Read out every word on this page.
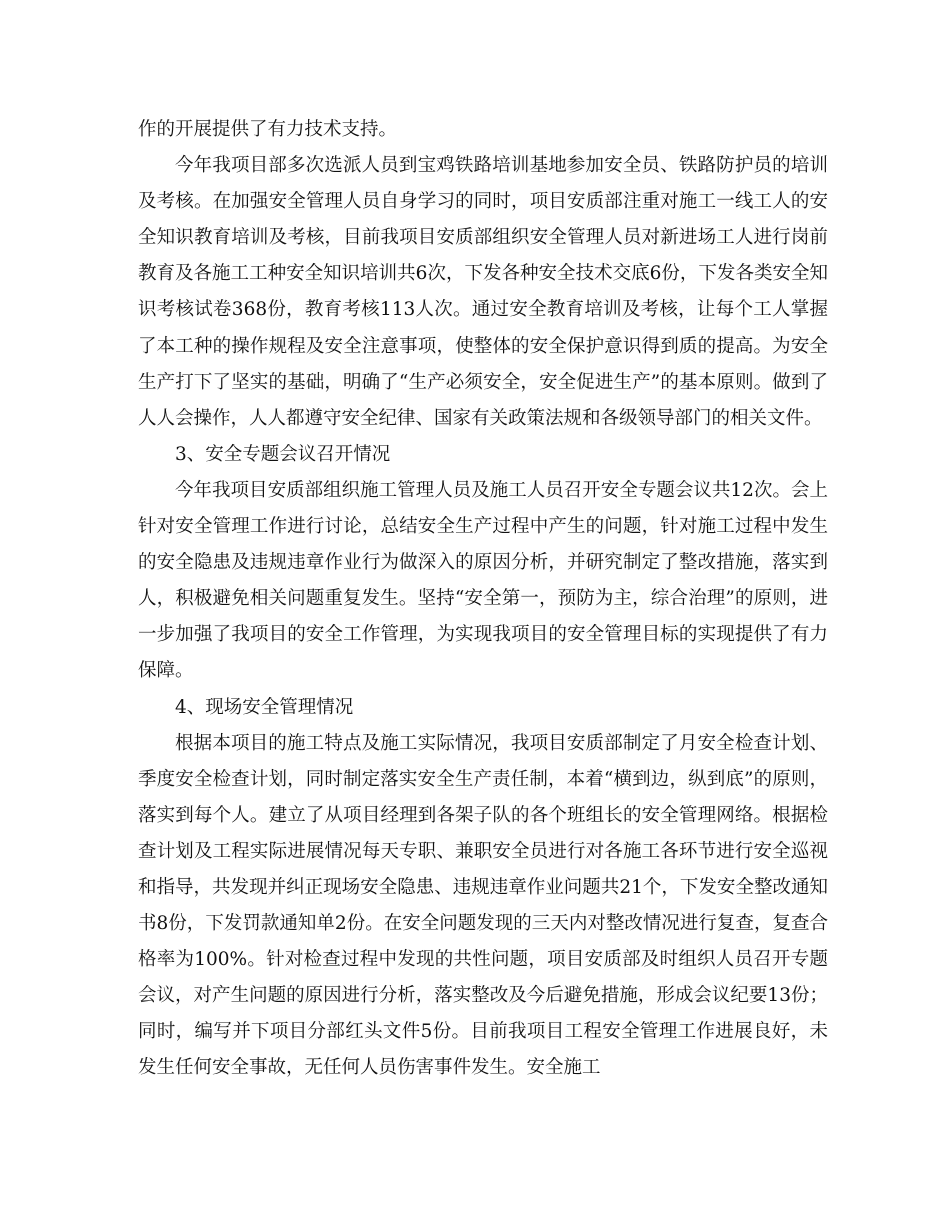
作的开展提供了有力技术支持。

今年我项目部多次选派人员到宝鸡铁路培训基地参加安全员、铁路防护员的培训及考核。在加强安全管理人员自身学习的同时，项目安质部注重对施工一线工人的安全知识教育培训及考核，目前我项目安质部组织安全管理人员对新进场工人进行岗前教育及各施工工种安全知识培训共6次，下发各种安全技术交底6份，下发各类安全知识考核试卷368份，教育考核113人次。通过安全教育培训及考核，让每个工人掌握了本工种的操作规程及安全注意事项，使整体的安全保护意识得到质的提高。为安全生产打下了坚实的基础，明确了“生产必须安全，安全促进生产”的基本原则。做到了人人会操作，人人都遵守安全纪律、国家有关政策法规和各级领导部门的相关文件。

3、安全专题会议召开情况

今年我项目安质部组织施工管理人员及施工人员召开安全专题会议共12次。会上针对安全管理工作进行讨论，总结安全生产过程中产生的问题，针对施工过程中发生的安全隐患及违规违章作业行为做深入的原因分析，并研究制定了整改措施，落实到人，积极避免相关问题重复发生。坚持“安全第一，预防为主，综合治理”的原则，进一步加强了我项目的安全工作管理，为实现我项目的安全管理目标的实现提供了有力保障。

4、现场安全管理情况

根据本项目的施工特点及施工实际情况，我项目安质部制定了月安全检查计划、季度安全检查计划，同时制定落实安全生产责任制，本着“横到边，纵到底”的原则，落实到每个人。建立了从项目经理到各架子队的各个班组长的安全管理网络。根据检查计划及工程实际进展情况每天专职、兼职安全员进行对各施工各环节进行安全巡视和指导，共发现并纠正现场安全隐患、违规违章作业问题共21个，下发安全整改通知书8份，下发罚款通知单2份。在安全问题发现的三天内对整改情况进行复查，复查合格率为100%。针对检查过程中发现的共性问题，项目安质部及时组织人员召开专题会议，对产生问题的原因进行分析，落实整改及今后避免措施，形成会议纪要13份；同时，编写并下项目分部红头文件5份。目前我项目工程安全管理工作进展良好，未发生任何安全事故，无任何人员伤害事件发生。安全施工
